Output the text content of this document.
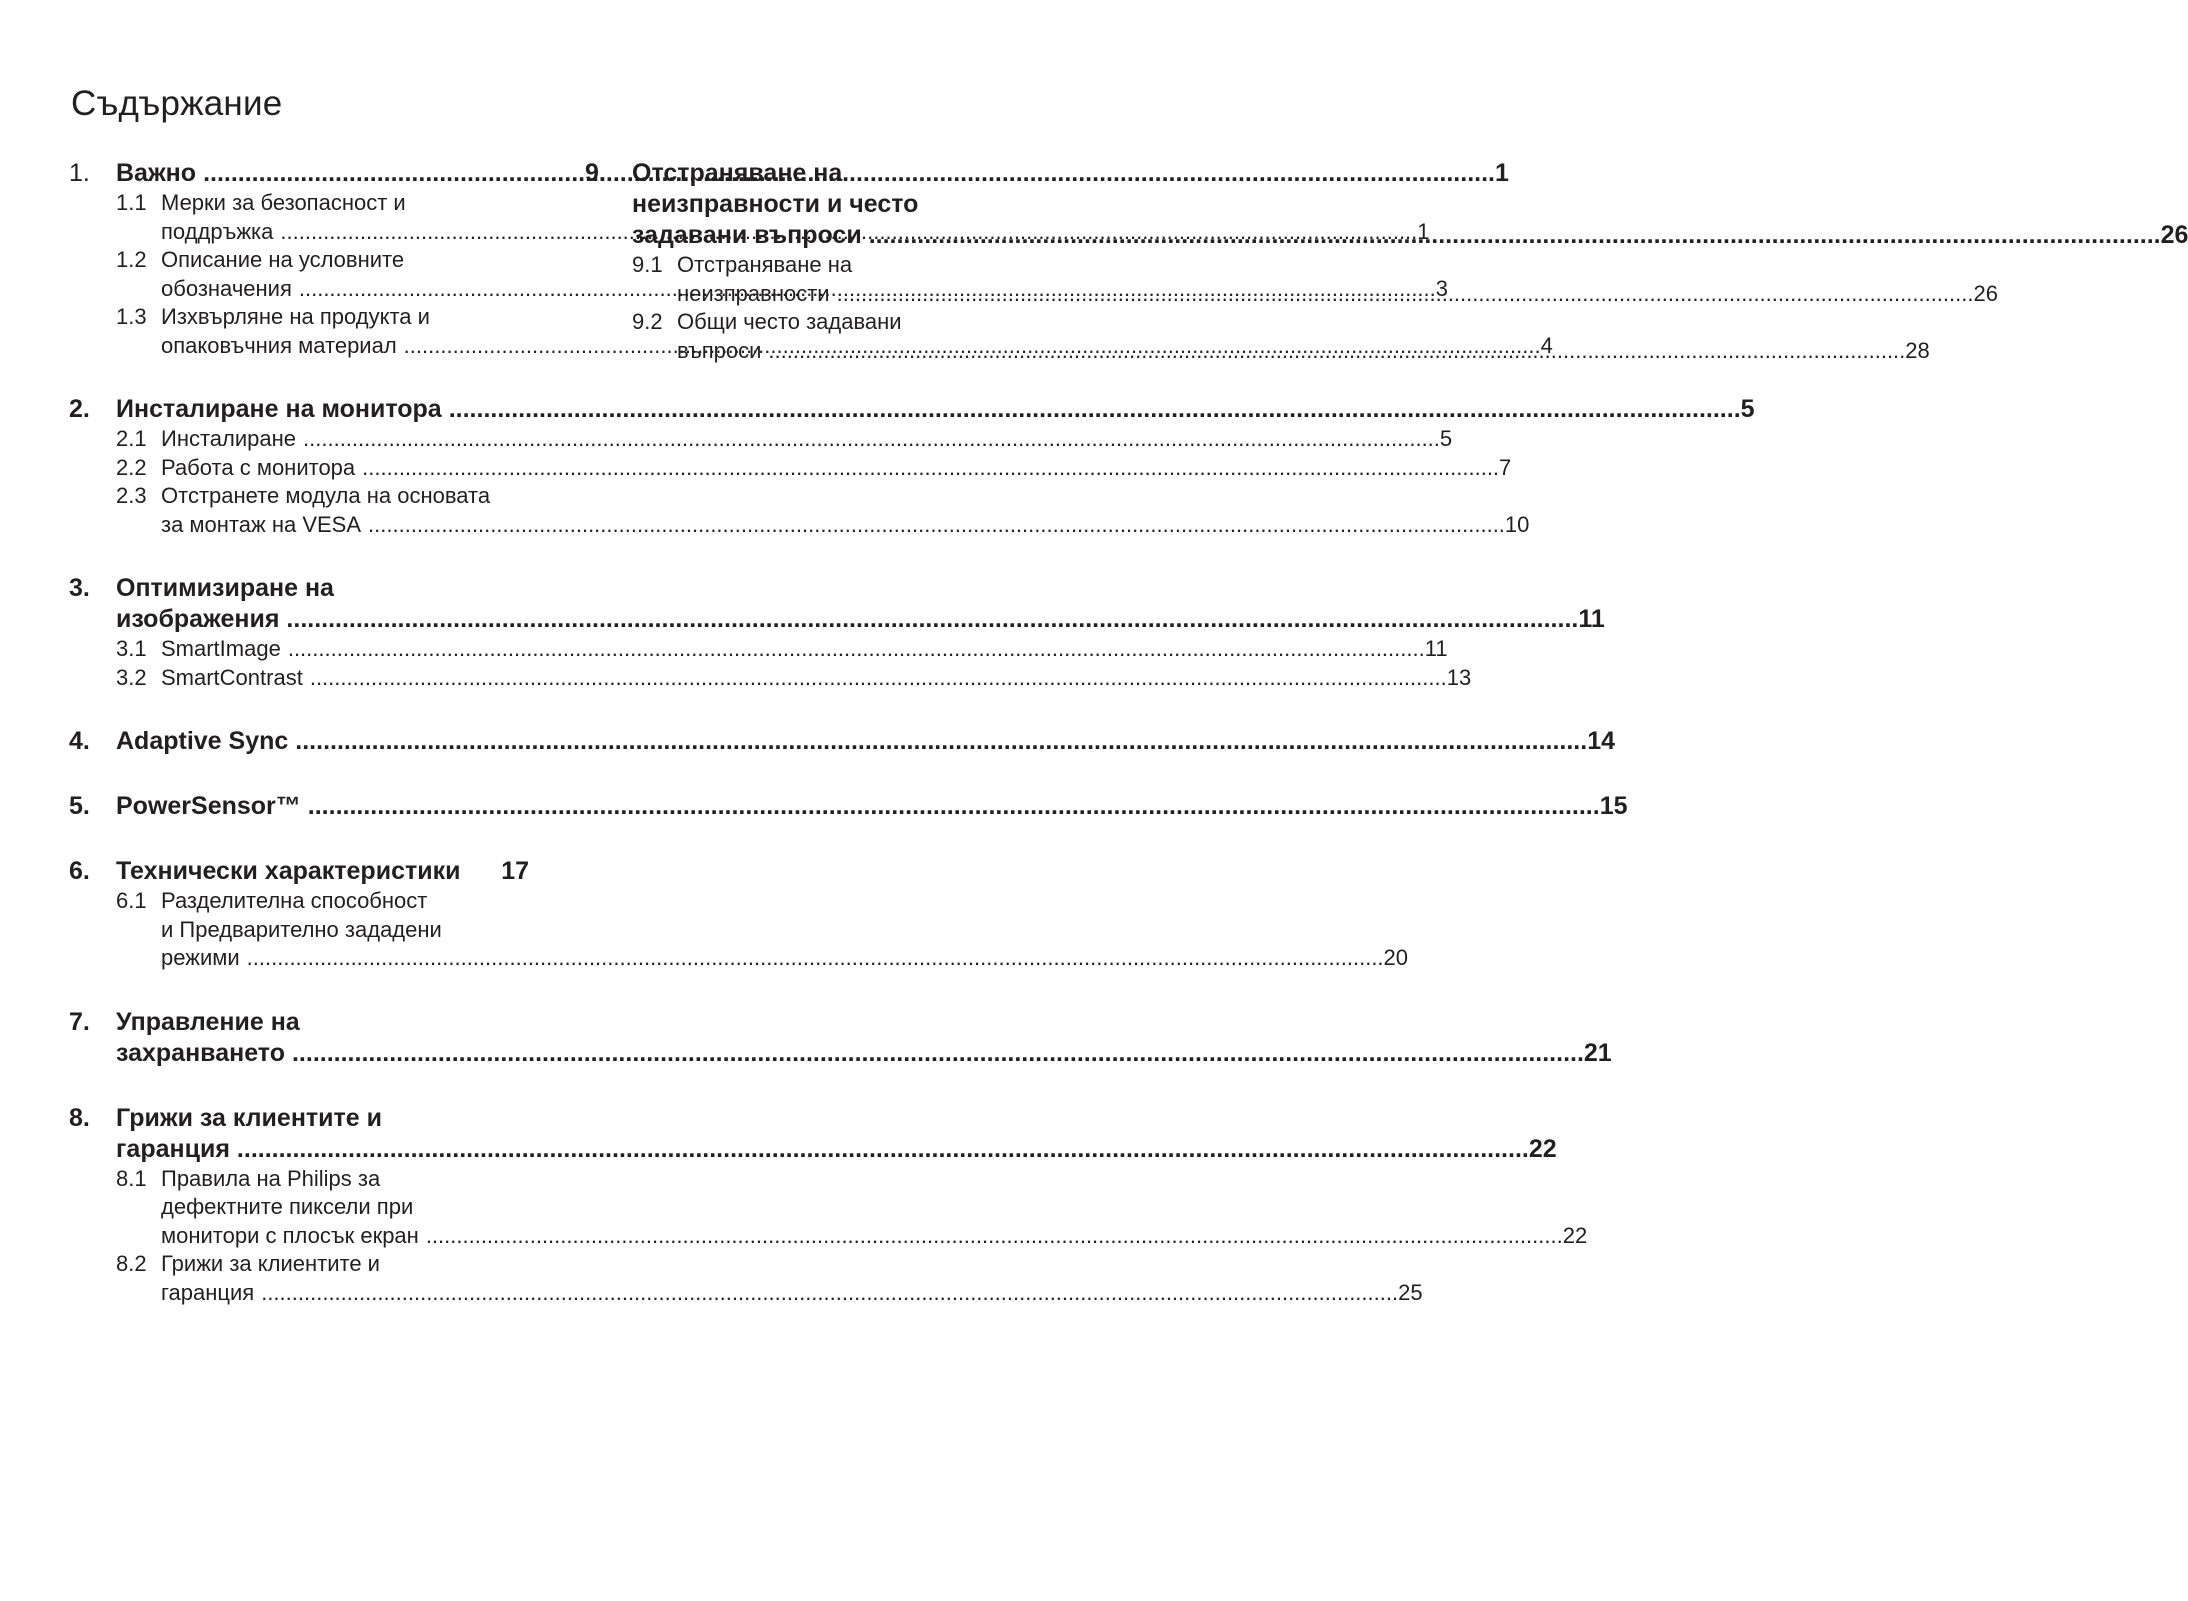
Съдържание
1.	Важно .....	1
1.1 Мерки за безопасност и
поддръжка .....	1
1.2 Описание на условните
обозначения .....	3
1.3 Изхвърляне на продукта и
опаковъчния материал .....	4
2.	Инсталиране на монитора .....	5
2.1 Инсталиране .....	5
2.2 Работа с монитора .....	7
2.3 Отстранете модула на основата
за монтаж на VESA .....	10
3.	Оптимизиране на
изображения .....	11
3.1 SmartImage .....	11
3.2 SmartContrast .....	13
4.	Adaptive Sync .....	14
5.	PowerSensor™ .....	15
6.	Технически характеристики 17
6.1 Разделителна способност
и Предварително зададени
режими .....	20
7.	Управление на
захранването .....	21
8.	Грижи за клиентите и
гаранция .....	22
8.1 Правила на Philips за
дефектните пиксели при
монитори с плосък екран .....	22
8.2 Грижи за клиентите и
гаранция .....	25
9.	Отстраняване на
неизправности и често
задавани въпроси .....	26
9.1 Отстраняване на
неизправности .....	26
9.2 Общи често задавани
въпроси .....	28
